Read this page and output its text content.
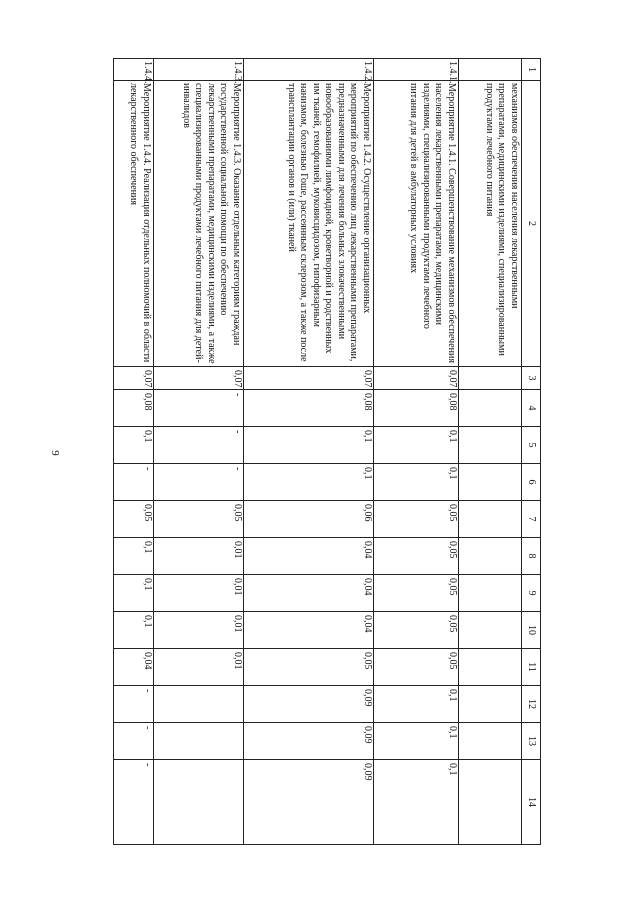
9
1	2	3	4	5	6	7	8	9	10	11	12	13	14
	механизмов обеспечения населения лекарственными препаратами, медицинскими изделиями, специализированными продуктами лечебного питания												
1.4.1.	Мероприятие 1.4.1. Совершенствование механизмов обеспечения населения лекарственными препаратами, медицинскими изделиями, специализированными продуктами лечебного питания для детей в амбулаторных условиях	0,07	0,08	0,1	0,1	0,05	0,05	0,05	0,05	0,05	0,1	0,1	0,1
1.4.2.	Мероприятие 1.4.2. Осуществление организационных мероприятий по обеспечению лиц лекарственными препаратами, предназначенными для лечения больных злокачественными новообразованиями лимфоидной, кроветворной и родственных им тканей, гемофилией, муковисцидозом, гипофизарным нанизмом, болезнью Гоше, рассеянным склерозом, а также после трансплантации органов и (или) тканей	0,07	0,08	0,1	0,1	0,06	0,04	0,04	0,04	0,05	0,09	0,09	0,09
1.4.3.	Мероприятие 1.4.3. Оказание отдельным категориям граждан государственной социальной помощи по обеспечению лекарственными препаратами, медицинскими изделиями, а также специализированными продуктами лечебного питания для детей-инвалидов	0,07	-	-	-	0,05	0,01	0,01	0,01	0,01			
1.4.4.	Мероприятие 1.4.4. Реализация отдельных полномочий в области лекарственного обеспечения	0,07	0,08	0,1	-	0,05	0,1	0,1	0,1	0,04	-	-	-
